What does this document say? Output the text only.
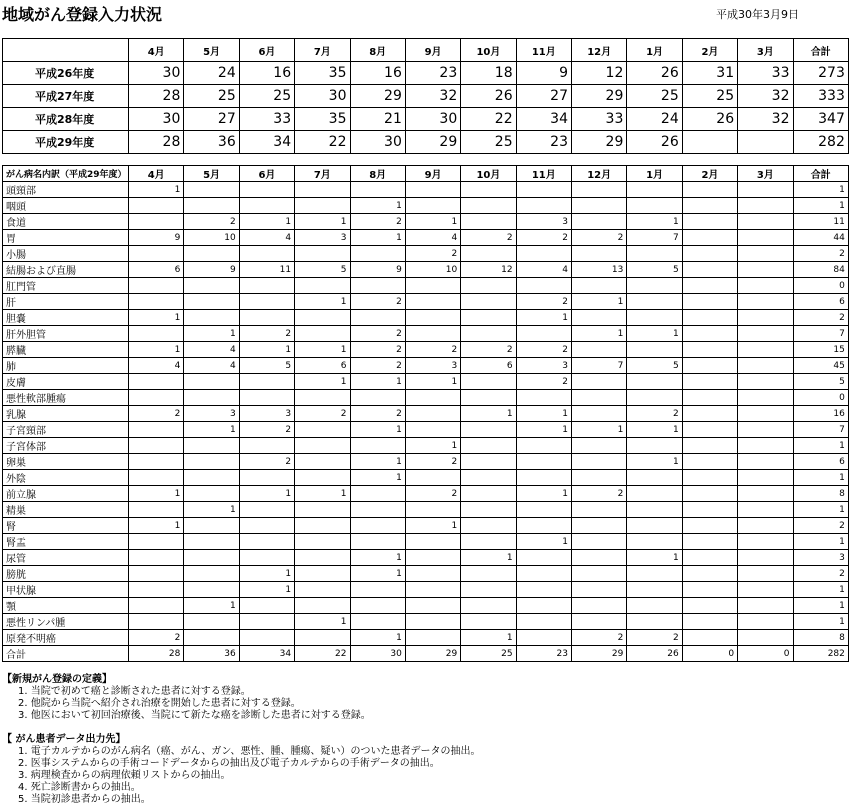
地域がん登録入力状況	平成30年3月9日
	4月	5月	6月	7月	8月	9月	10月	11月	12月	1月	2月	3月	合計
平成26年度	30	24	16	35	16	23	18	9	12	26	31	33	273
平成27年度	28	25	25	30	29	32	26	27	29	25	25	32	333
平成28年度	30	27	33	35	21	30	22	34	33	24	26	32	347
平成29年度	28	36	34	22	30	29	25	23	29	26			282
がん病名内訳（平成29年度）	4月	5月	6月	7月	8月	9月	10月	11月	12月	1月	2月	3月	合計
頭頸部	1												1
咽頭					1								1
食道		2	1	1	2	1		3		1			11
胃	9	10	4	3	1	4	2	2	2	7			44
小腸						2							2
結腸および直腸	6	9	11	5	9	10	12	4	13	5			84
肛門管													0
肝				1	2			2	1				6
胆嚢	1							1					2
肝外胆管		1	2		2				1	1			7
膵臓	1	4	1	1	2	2	2	2					15
肺	4	4	5	6	2	3	6	3	7	5			45
皮膚				1	1	1		2					5
悪性軟部腫瘍													0
乳腺	2	3	3	2	2		1	1		2			16
子宮頸部		1	2		1			1	1	1			7
子宮体部						1							1
卵巣			2		1	2				1			6
外陰					1								1
前立腺	1		1	1		2		1	2				8
精巣		1											1
腎	1					1							2
腎盂								1					1
尿管					1		1			1			3
膀胱			1		1								2
甲状腺			1										1
顎		1											1
悪性リンパ腫				1									1
原発不明癌	2				1		1		2	2			8
合計	28	36	34	22	30	29	25	23	29	26	0	0	282
【新規がん登録の定義】
1. 当院で初めて癌と診断された患者に対する登録。
2. 他院から当院へ紹介され治療を開始した患者に対する登録。
3. 他医において初回治療後、当院にて新たな癌を診断した患者に対する登録。
【 がん患者データ出力先】
1. 電子カルテからのがん病名（癌、がん、ガン、悪性、腫、腫瘍、疑い）のついた患者データの抽出。
2. 医事システムからの手術コードデータからの抽出及び電子カルテからの手術データの抽出。
3. 病理検査からの病理依頼リストからの抽出。
4. 死亡診断書からの抽出。
5. 当院初診患者からの抽出。
